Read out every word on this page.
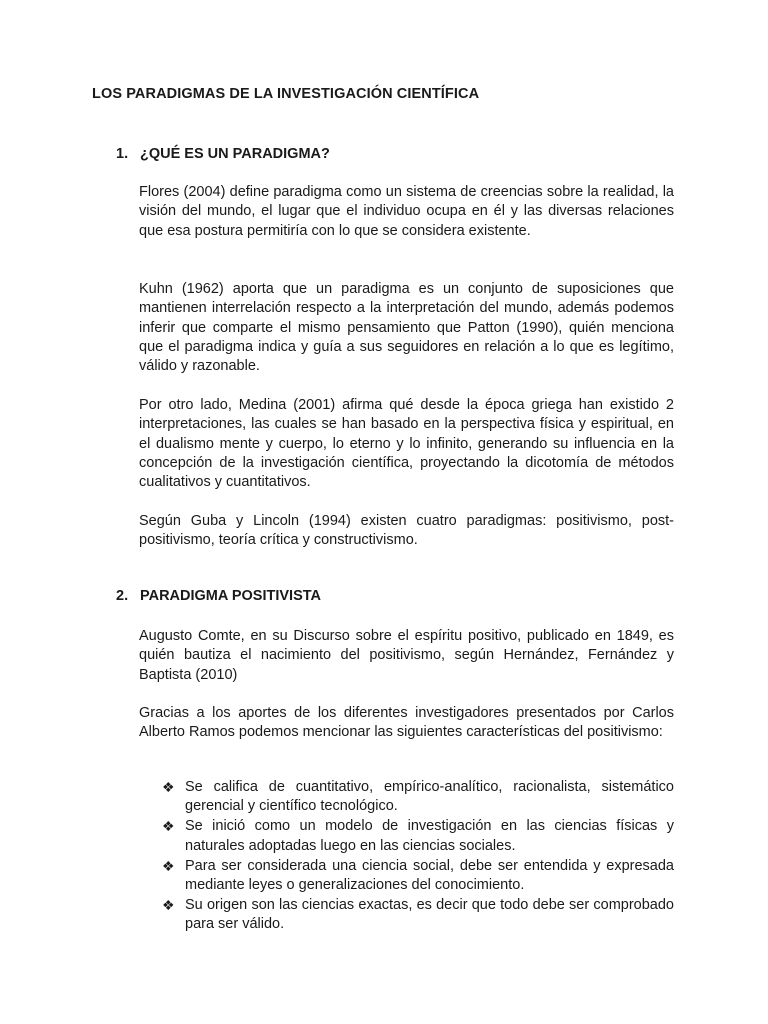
LOS PARADIGMAS DE LA INVESTIGACIÓN CIENTÍFICA
1. ¿QUÉ ES UN PARADIGMA?

Flores (2004) define paradigma como un sistema de creencias sobre la realidad, la visión del mundo, el lugar que el individuo ocupa en él y las diversas relaciones que esa postura permitiría con lo que se considera existente.

Kuhn (1962) aporta que un paradigma es un conjunto de suposiciones que mantienen interrelación respecto a la interpretación del mundo, además podemos inferir que comparte el mismo pensamiento que Patton (1990), quién menciona que el paradigma indica y guía a sus seguidores en relación a lo que es legítimo, válido y razonable.

Por otro lado, Medina (2001) afirma qué desde la época griega han existido 2 interpretaciones, las cuales se han basado en la perspectiva física y espiritual, en el dualismo mente y cuerpo, lo eterno y lo infinito, generando su influencia en la concepción de la investigación científica, proyectando la dicotomía de métodos cualitativos y cuantitativos.

Según Guba y Lincoln (1994) existen cuatro paradigmas: positivismo, post-positivismo, teoría crítica y constructivismo.

2. PARADIGMA POSITIVISTA

Augusto Comte, en su Discurso sobre el espíritu positivo, publicado en 1849, es quién bautiza el nacimiento del positivismo, según Hernández, Fernández y Baptista (2010)

Gracias a los aportes de los diferentes investigadores presentados por Carlos Alberto Ramos podemos mencionar las siguientes características del positivismo:

❖ Se califica de cuantitativo, empírico-analítico, racionalista, sistemático gerencial y científico tecnológico.
❖ Se inició como un modelo de investigación en las ciencias físicas y naturales adoptadas luego en las ciencias sociales.
❖ Para ser considerada una ciencia social, debe ser entendida y expresada mediante leyes o generalizaciones del conocimiento.
❖ Su origen son las ciencias exactas, es decir que todo debe ser comprobado para ser válido.
